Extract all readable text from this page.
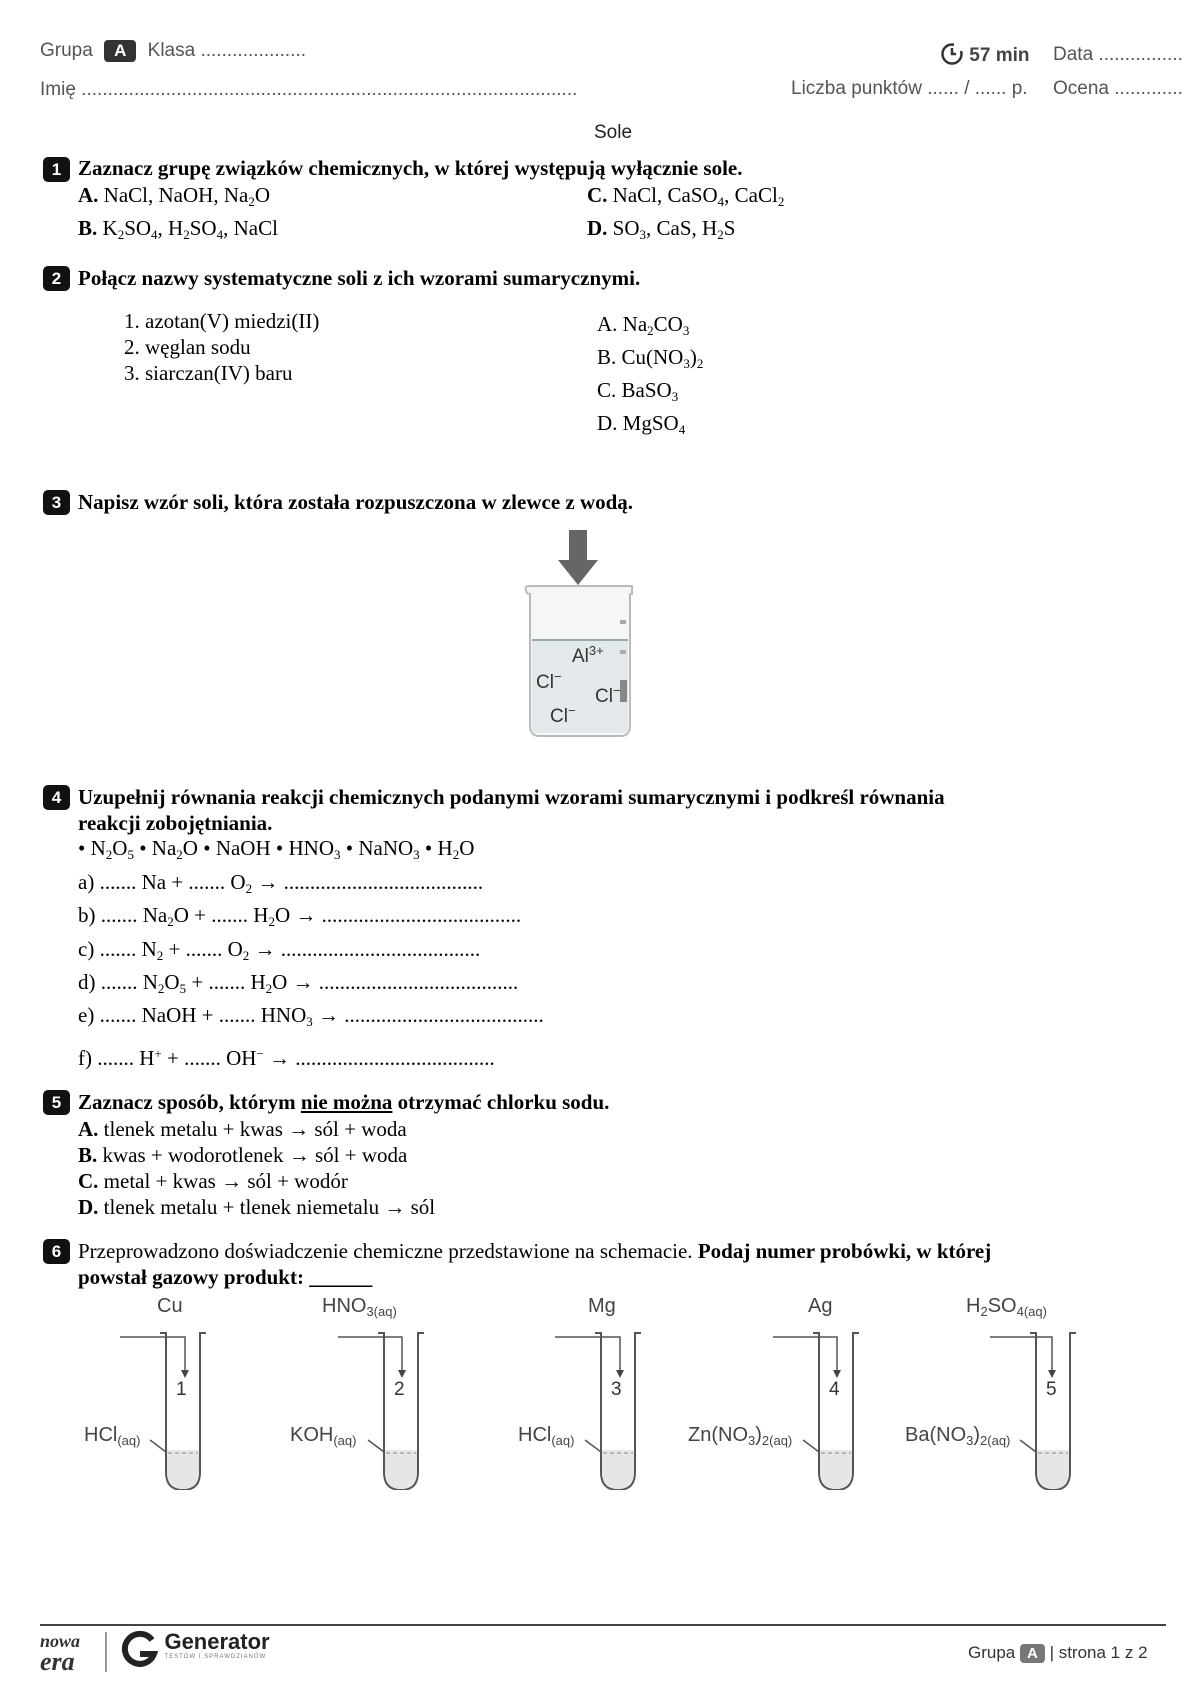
Grupa A Klasa ....................
Imię ..............................................................................................
57 min Data ................
Liczba punktów ...... / ...... p. Ocena .............
Sole
1 Zaznacz grupę związków chemicznych, w której występują wyłącznie sole.
A. NaCl, NaOH, $Na_2O$
B. $K_2SO_4$, $H_2SO_4$, NaCl
C. NaCl, CaSO$_4$, CaCl$_2$
D. $SO_3$, CaS, $H_2S$
2 Połącz nazwy systematyczne soli z ich wzorami sumarycznymi.
1. azotan(V) miedzi(II)
2. węglan sodu
3. siarczan(IV) baru
A. $Na_2CO_3$
B. $Cu(NO_3)_2$
C. BaSO$_3$
D. MgSO$_4$
3 Napisz wzór soli, która została rozpuszczona w zlewce z wodą.
$Al^{3+}$
Cl−
Cl−
Cl−
4 Uzupełnij równania reakcji chemicznych podanymi wzorami sumarycznymi i podkreśl równania
reakcji zobojętniania.
• $N_2O_5$ • $Na_2O$ • NaOH • $HNO_3$ • NaNO$_3$ • $H_2O$
a) ....... Na + ....... $O_2$ → ......................................
b) ....... $Na_2O$ + ....... $H_2O$ → ......................................
c) ....... $N_2$ + ....... $O_2$ → ......................................
d) ....... $N_2O_5$ + ....... $H_2O$ → ......................................
e) ....... NaOH + ....... $HNO_3$ → ......................................
f) ....... H+ + ....... OH− → ......................................
5 Zaznacz sposób, którym nie można otrzymać chlorku sodu.
A. tlenek metalu + kwas → sól + woda
B. kwas + wodorotlenek → sól + woda
C. metal + kwas → sól + wodór
D. tlenek metalu + tlenek niemetalu → sól
6 Przeprowadzono doświadczenie chemiczne przedstawione na schemacie. Podaj numer probówki, w której
powstał gazowy produkt: ______
Cu	$HNO_{3(aq)}$	Mg	Ag	$H_2SO_{4(aq)}$
1	2	3	4	5
HCl$_{(aq)}$	$KOH_{(aq)}$	HCl$_{(aq)}$	$Zn(NO_3)_{2(aq)}$	$Ba(NO_3)_{2(aq)}$
nowa
era

Generator
TESTÓW I SPRAWDZIANÓW	Grupa A | strona 1 z 2
